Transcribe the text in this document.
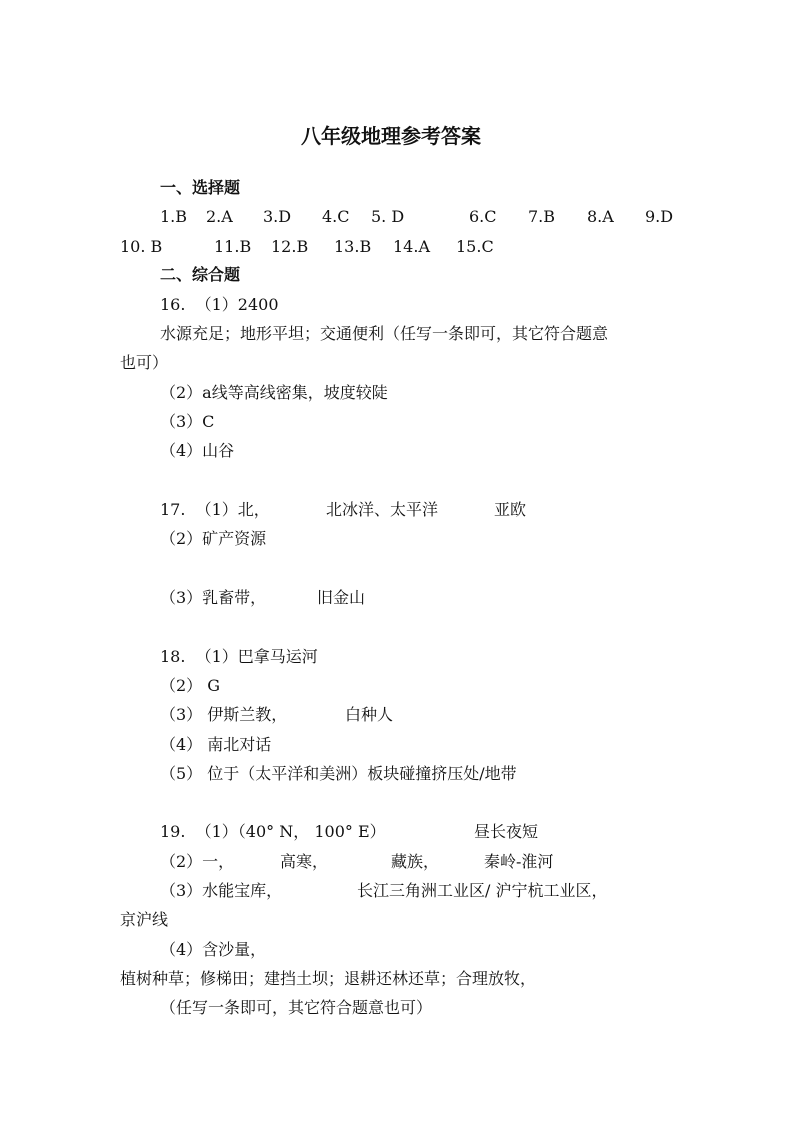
八年级地理参考答案
一、选择题
1.B 2.A 3.D 4.C 5. D	6.C 7.B 8.A 9.D
10. B	11.B 12.B 13.B 14.A 15.C
二、综合题
16.  （1）2400
水源充足；地形平坦；交通便利（任写一条即可，其它符合题意
也可）
（2）a线等高线密集，坡度较陡
（3）C
（4）山谷
17.  （1）北，	北冰洋、太平洋	亚欧
（2）矿产资源
（3）乳畜带，	旧金山
18.  （1）巴拿马运河
（2） G
（3） 伊斯兰教，	白种人
（4） 南北对话
（5） 位于（太平洋和美洲）板块碰撞挤压处/地带
19.  （1）（40° N， 100° E）	昼长夜短
（2）一，	高寒，	藏族，	秦岭-淮河
（3）水能宝库，	长江三角洲工业区/ 沪宁杭工业区，
京沪线
（4）含沙量，
植树种草；修梯田；建挡土坝；退耕还林还草；合理放牧，
（任写一条即可，其它符合题意也可）
